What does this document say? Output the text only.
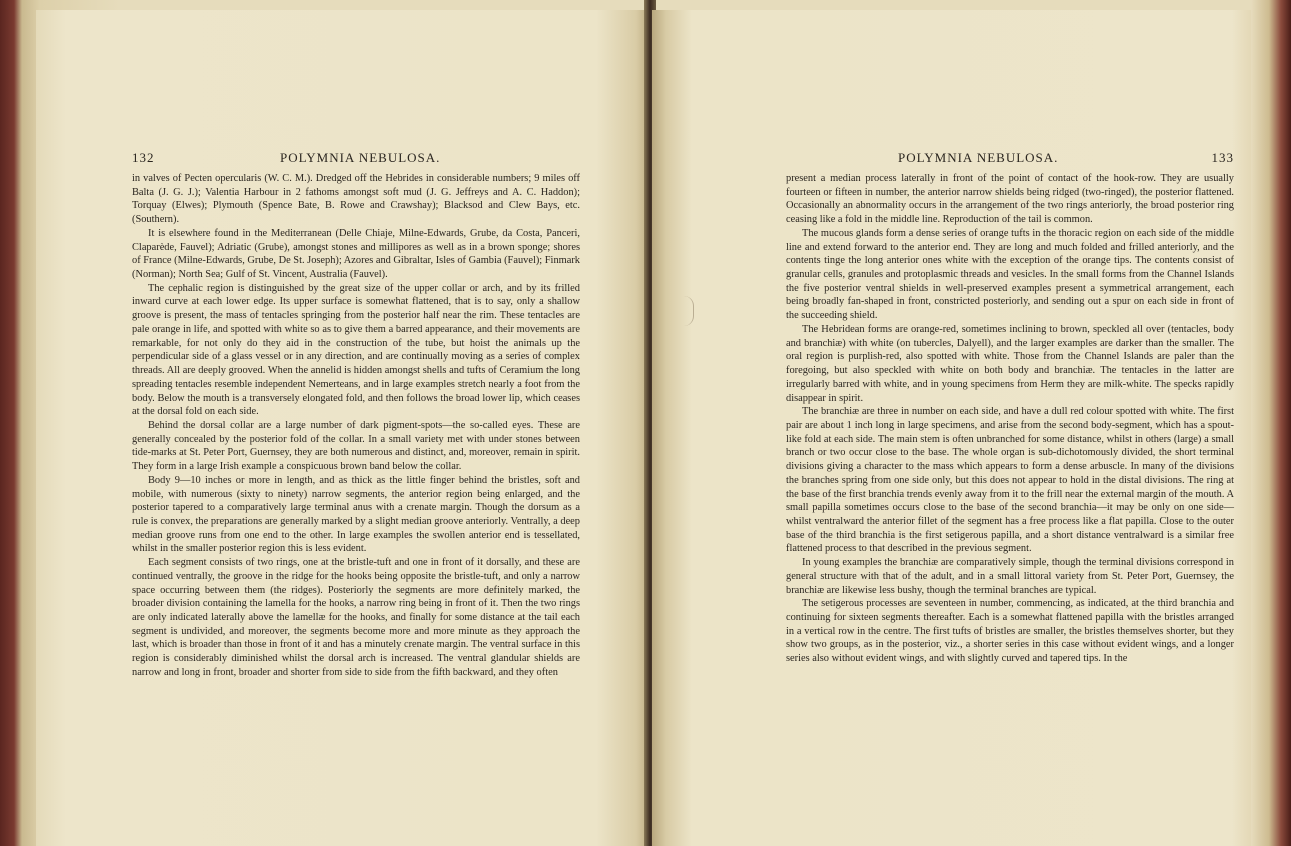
132	POLYMNIA NEBULOSA.

in valves of Pecten opercularis (W. C. M.). Dredged off the Hebrides in considerable numbers; 9 miles off Balta (J. G. J.); Valentia Harbour in 2 fathoms amongst soft mud (J. G. Jeffreys and A. C. Haddon); Torquay (Elwes); Plymouth (Spence Bate, B. Rowe and Crawshay); Blacksod and Clew Bays, etc. (Southern).

It is elsewhere found in the Mediterranean (Delle Chiaje, Milne-Edwards, Grube, da Costa, Panceri, Claparède, Fauvel); Adriatic (Grube), amongst stones and millipores as well as in a brown sponge; shores of France (Milne-Edwards, Grube, De St. Joseph); Azores and Gibraltar, Isles of Gambia (Fauvel); Finmark (Norman); North Sea; Gulf of St. Vincent, Australia (Fauvel).

The cephalic region is distinguished by the great size of the upper collar or arch, and by its frilled inward curve at each lower edge. Its upper surface is somewhat flattened, that is to say, only a shallow groove is present, the mass of tentacles springing from the posterior half near the rim. These tentacles are pale orange in life, and spotted with white so as to give them a barred appearance, and their movements are remarkable, for not only do they aid in the construction of the tube, but hoist the animals up the perpendicular side of a glass vessel or in any direction, and are continually moving as a series of complex threads. All are deeply grooved. When the annelid is hidden amongst shells and tufts of Ceramium the long spreading tentacles resemble independent Nemerteans, and in large examples stretch nearly a foot from the body. Below the mouth is a transversely elongated fold, and then follows the broad lower lip, which ceases at the dorsal fold on each side.

Behind the dorsal collar are a large number of dark pigment-spots—the so-called eyes. These are generally concealed by the posterior fold of the collar. In a small variety met with under stones between tide-marks at St. Peter Port, Guernsey, they are both numerous and distinct, and, moreover, remain in spirit. They form in a large Irish example a conspicuous brown band below the collar.

Body 9—10 inches or more in length, and as thick as the little finger behind the bristles, soft and mobile, with numerous (sixty to ninety) narrow segments, the anterior region being enlarged, and the posterior tapered to a comparatively large terminal anus with a crenate margin. Though the dorsum as a rule is convex, the preparations are generally marked by a slight median groove anteriorly. Ventrally, a deep median groove runs from one end to the other. In large examples the swollen anterior end is tessellated, whilst in the smaller posterior region this is less evident.

Each segment consists of two rings, one at the bristle-tuft and one in front of it dorsally, and these are continued ventrally, the groove in the ridge for the hooks being opposite the bristle-tuft, and only a narrow space occurring between them (the ridges). Posteriorly the segments are more definitely marked, the broader division containing the lamella for the hooks, a narrow ring being in front of it. Then the two rings are only indicated laterally above the lamellæ for the hooks, and finally for some distance at the tail each segment is undivided, and moreover, the segments become more and more minute as they approach the last, which is broader than those in front of it and has a minutely crenate margin. The ventral surface in this region is considerably diminished whilst the dorsal arch is increased. The ventral glandular shields are narrow and long in front, broader and shorter from side to side from the fifth backward, and they often

POLYMNIA NEBULOSA.	133

present a median process laterally in front of the point of contact of the hook-row. They are usually fourteen or fifteen in number, the anterior narrow shields being ridged (two-ringed), the posterior flattened. Occasionally an abnormality occurs in the arrangement of the two rings anteriorly, the broad posterior ring ceasing like a fold in the middle line. Reproduction of the tail is common.

The mucous glands form a dense series of orange tufts in the thoracic region on each side of the middle line and extend forward to the anterior end. They are long and much folded and frilled anteriorly, and the contents tinge the long anterior ones white with the exception of the orange tips. The contents consist of granular cells, granules and protoplasmic threads and vesicles. In the small forms from the Channel Islands the five posterior ventral shields in well-preserved examples present a symmetrical arrangement, each being broadly fan-shaped in front, constricted posteriorly, and sending out a spur on each side in front of the succeeding shield.

The Hebridean forms are orange-red, sometimes inclining to brown, speckled all over (tentacles, body and branchiæ) with white (on tubercles, Dalyell), and the larger examples are darker than the smaller. The oral region is purplish-red, also spotted with white. Those from the Channel Islands are paler than the foregoing, but also speckled with white on both body and branchiæ. The tentacles in the latter are irregularly barred with white, and in young specimens from Herm they are milk-white. The specks rapidly disappear in spirit.

The branchiæ are three in number on each side, and have a dull red colour spotted with white. The first pair are about 1 inch long in large specimens, and arise from the second body-segment, which has a spout-like fold at each side. The main stem is often unbranched for some distance, whilst in others (large) a small branch or two occur close to the base. The whole organ is sub-dichotomously divided, the short terminal divisions giving a character to the mass which appears to form a dense arbuscle. In many of the divisions the branches spring from one side only, but this does not appear to hold in the distal divisions. The ring at the base of the first branchia trends evenly away from it to the frill near the external margin of the mouth. A small papilla sometimes occurs close to the base of the second branchia—it may be only on one side—whilst ventralward the anterior fillet of the segment has a free process like a flat papilla. Close to the outer base of the third branchia is the first setigerous papilla, and a short distance ventralward is a similar free flattened process to that described in the previous segment.

In young examples the branchiæ are comparatively simple, though the terminal divisions correspond in general structure with that of the adult, and in a small littoral variety from St. Peter Port, Guernsey, the branchiæ are likewise less bushy, though the terminal branches are typical.

The setigerous processes are seventeen in number, commencing, as indicated, at the third branchia and continuing for sixteen segments thereafter. Each is a somewhat flattened papilla with the bristles arranged in a vertical row in the centre. The first tufts of bristles are smaller, the bristles themselves shorter, but they show two groups, as in the posterior, viz., a shorter series in this case without evident wings, and a longer series also without evident wings, and with slightly curved and tapered tips. In the
